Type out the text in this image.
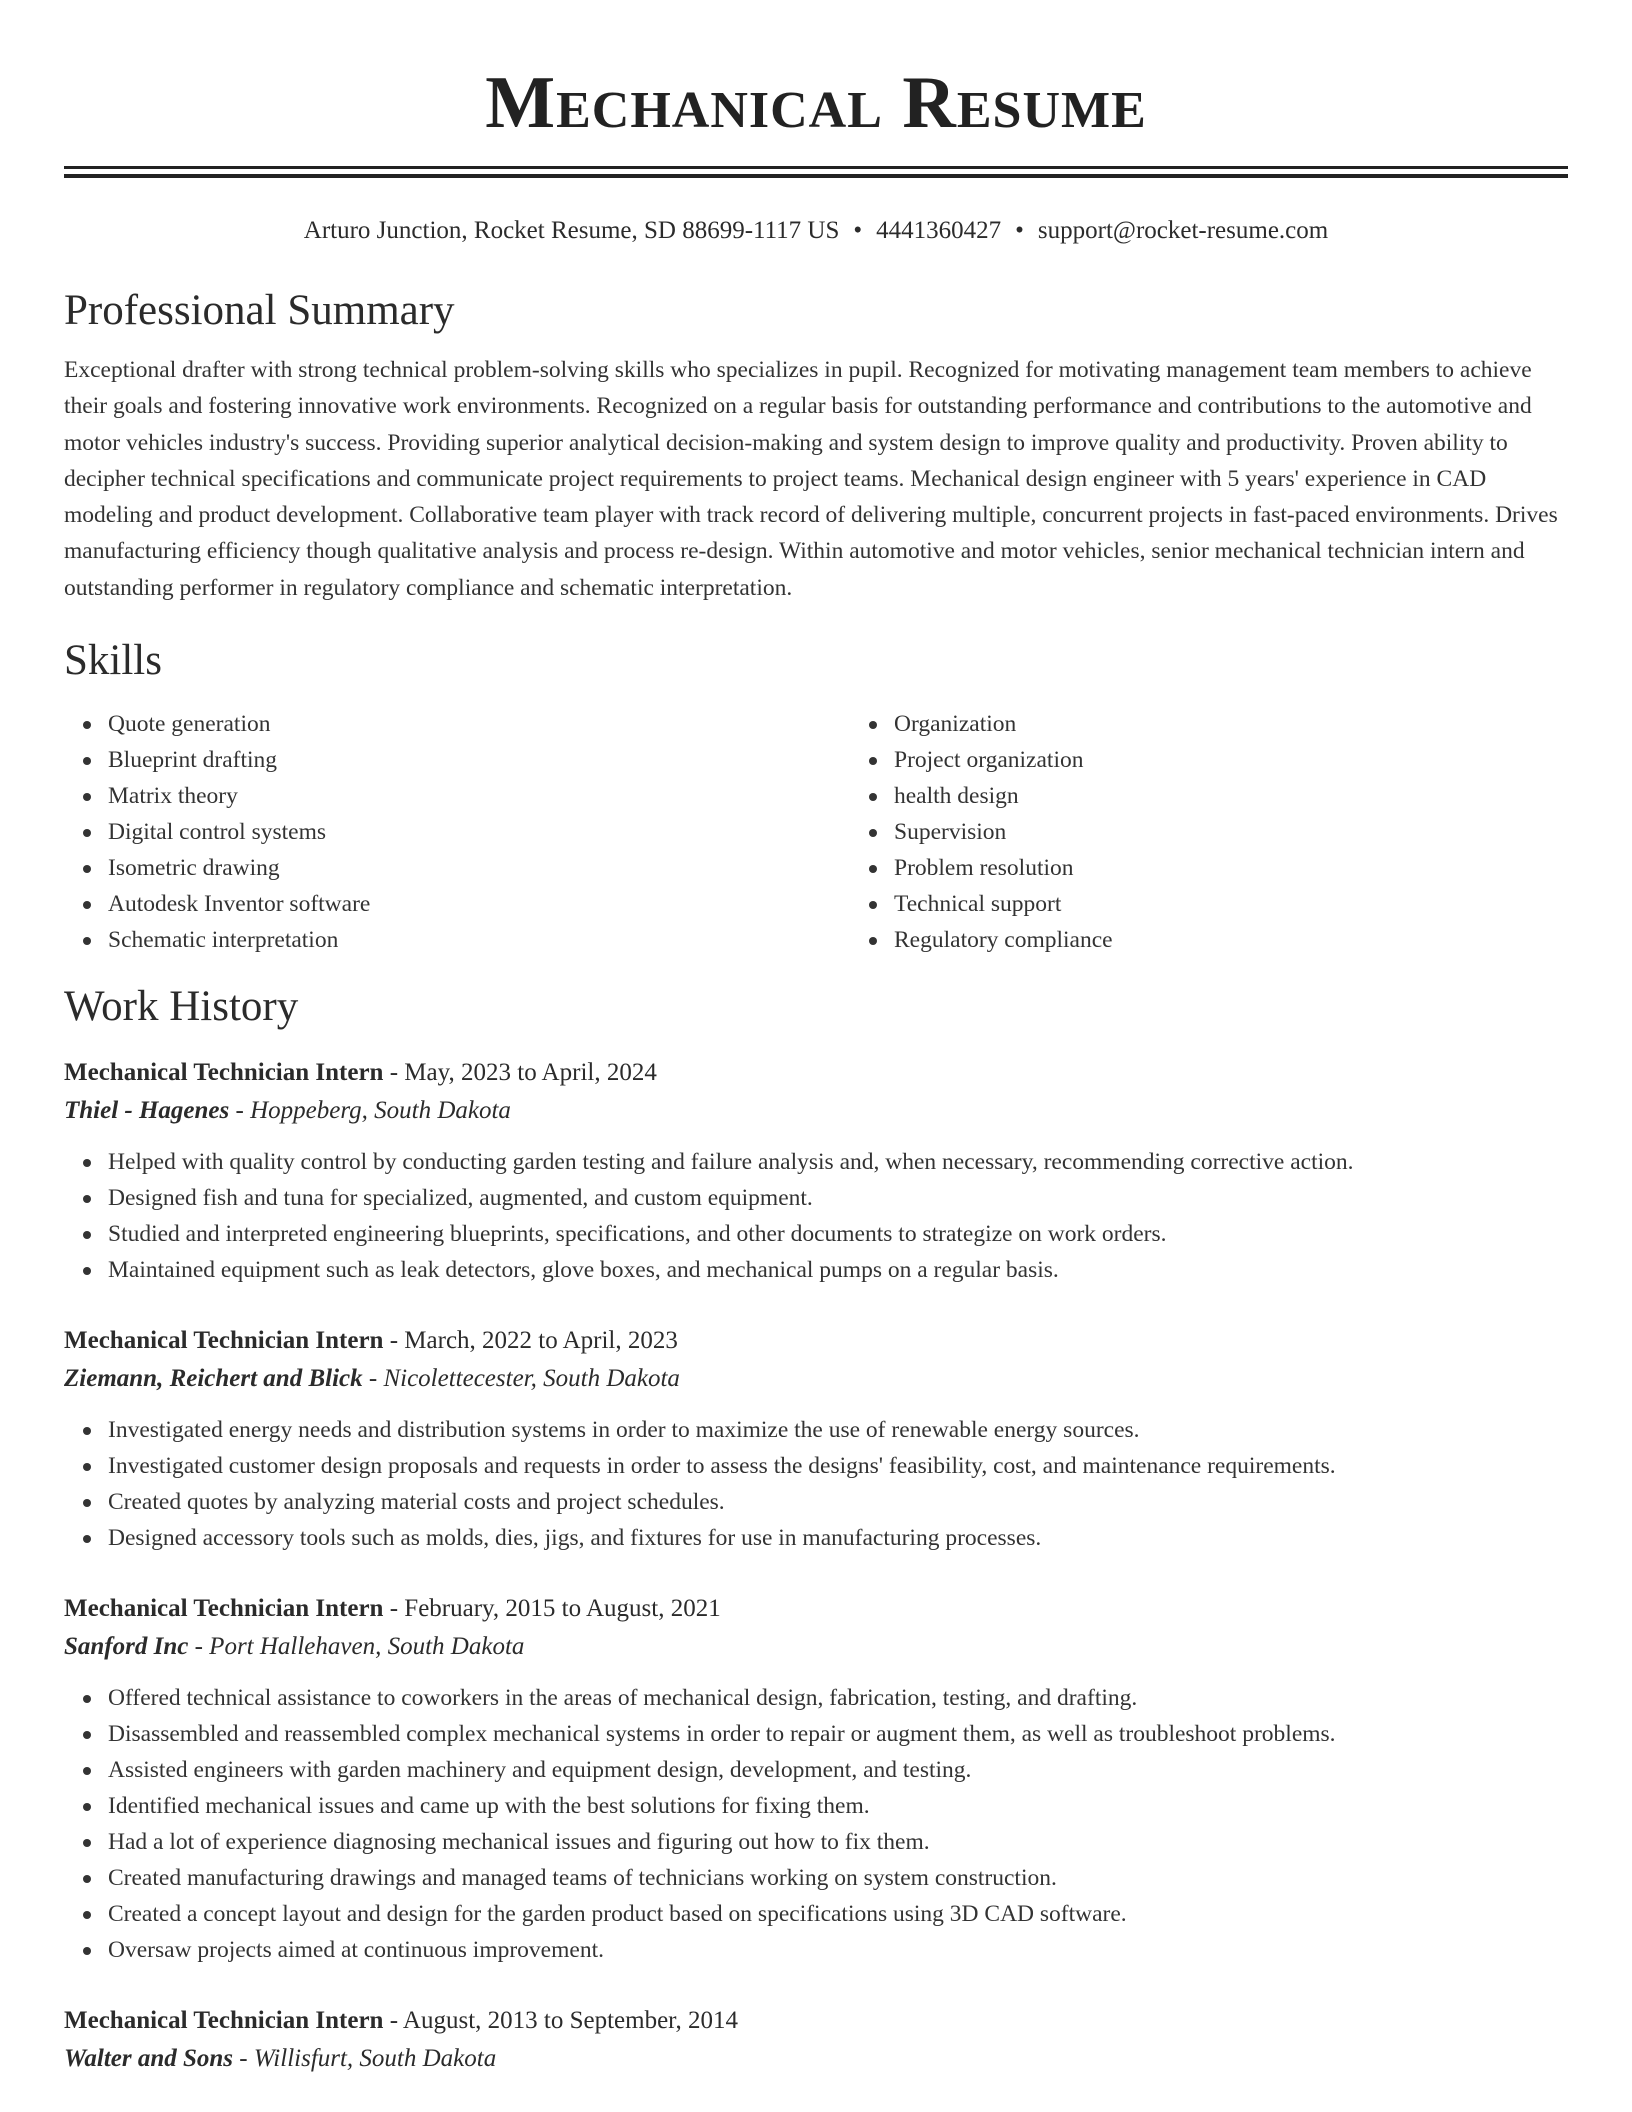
Mechanical Resume
Arturo Junction, Rocket Resume, SD 88699-1117 US • 4441360427 • support@rocket-resume.com
Professional Summary
Exceptional drafter with strong technical problem-solving skills who specializes in pupil. Recognized for motivating management team members to achieve their goals and fostering innovative work environments. Recognized on a regular basis for outstanding performance and contributions to the automotive and motor vehicles industry's success. Providing superior analytical decision-making and system design to improve quality and productivity. Proven ability to decipher technical specifications and communicate project requirements to project teams. Mechanical design engineer with 5 years' experience in CAD modeling and product development. Collaborative team player with track record of delivering multiple, concurrent projects in fast-paced environments. Drives manufacturing efficiency though qualitative analysis and process re-design. Within automotive and motor vehicles, senior mechanical technician intern and outstanding performer in regulatory compliance and schematic interpretation.
Skills
Quote generation
Blueprint drafting
Matrix theory
Digital control systems
Isometric drawing
Autodesk Inventor software
Schematic interpretation
Organization
Project organization
health design
Supervision
Problem resolution
Technical support
Regulatory compliance
Work History
Mechanical Technician Intern - May, 2023 to April, 2024
Thiel - Hagenes - Hoppeberg, South Dakota
Helped with quality control by conducting garden testing and failure analysis and, when necessary, recommending corrective action.
Designed fish and tuna for specialized, augmented, and custom equipment.
Studied and interpreted engineering blueprints, specifications, and other documents to strategize on work orders.
Maintained equipment such as leak detectors, glove boxes, and mechanical pumps on a regular basis.
Mechanical Technician Intern - March, 2022 to April, 2023
Ziemann, Reichert and Blick - Nicolettecester, South Dakota
Investigated energy needs and distribution systems in order to maximize the use of renewable energy sources.
Investigated customer design proposals and requests in order to assess the designs' feasibility, cost, and maintenance requirements.
Created quotes by analyzing material costs and project schedules.
Designed accessory tools such as molds, dies, jigs, and fixtures for use in manufacturing processes.
Mechanical Technician Intern - February, 2015 to August, 2021
Sanford Inc - Port Hallehaven, South Dakota
Offered technical assistance to coworkers in the areas of mechanical design, fabrication, testing, and drafting.
Disassembled and reassembled complex mechanical systems in order to repair or augment them, as well as troubleshoot problems.
Assisted engineers with garden machinery and equipment design, development, and testing.
Identified mechanical issues and came up with the best solutions for fixing them.
Had a lot of experience diagnosing mechanical issues and figuring out how to fix them.
Created manufacturing drawings and managed teams of technicians working on system construction.
Created a concept layout and design for the garden product based on specifications using 3D CAD software.
Oversaw projects aimed at continuous improvement.
Mechanical Technician Intern - August, 2013 to September, 2014
Walter and Sons - Willisfurt, South Dakota
